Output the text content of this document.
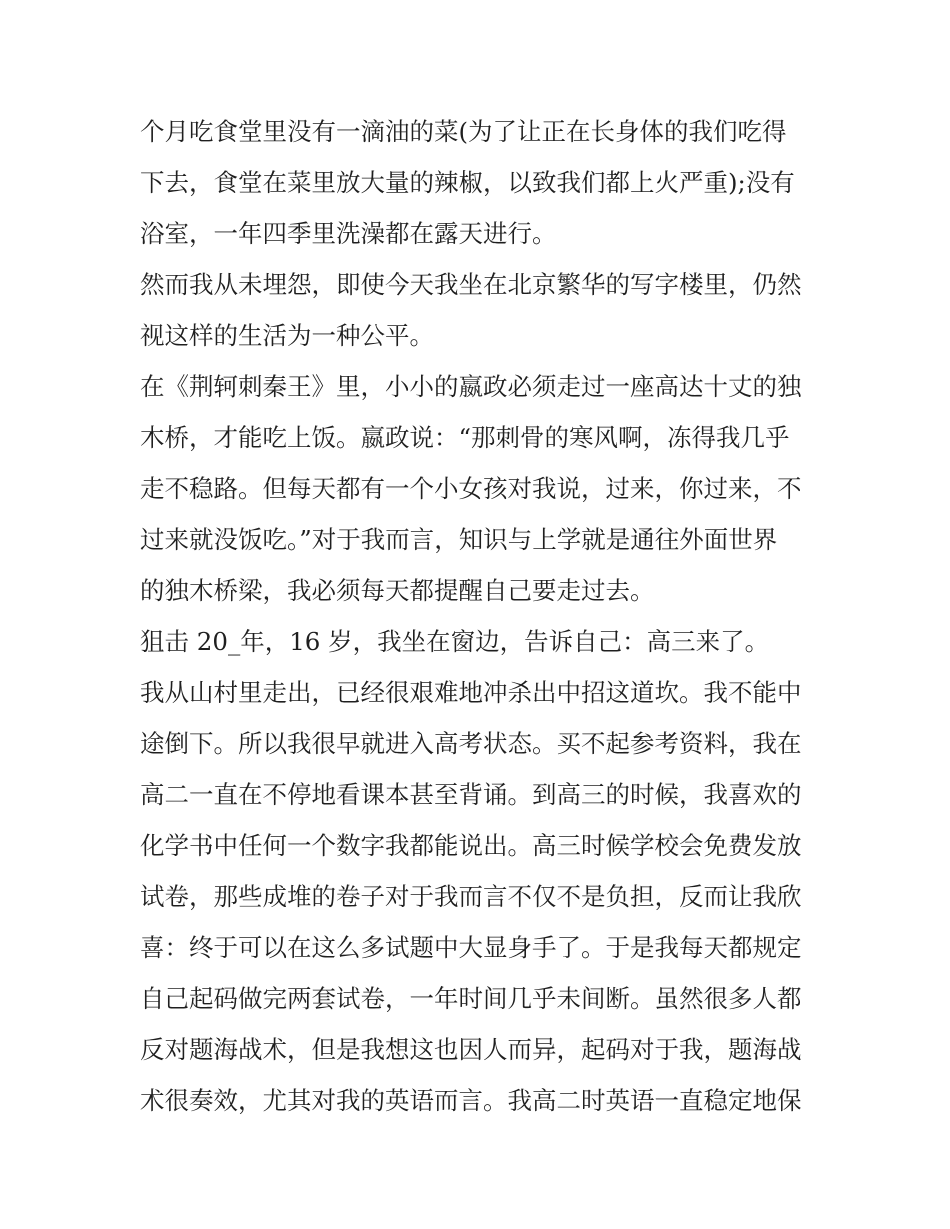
个月吃食堂里没有一滴油的菜(为了让正在长身体的我们吃得
下去，食堂在菜里放大量的辣椒，以致我们都上火严重);没有
浴室，一年四季里洗澡都在露天进行。
然而我从未埋怨，即使今天我坐在北京繁华的写字楼里，仍然
视这样的生活为一种公平。
在《荆轲刺秦王》里，小小的嬴政必须走过一座高达十丈的独
木桥，才能吃上饭。嬴政说：“那刺骨的寒风啊，冻得我几乎
走不稳路。但每天都有一个小女孩对我说，过来，你过来，不
过来就没饭吃。”对于我而言，知识与上学就是通往外面世界
的独木桥梁，我必须每天都提醒自己要走过去。
狙击 20_年，16 岁，我坐在窗边，告诉自己：高三来了。
我从山村里走出，已经很艰难地冲杀出中招这道坎。我不能中
途倒下。所以我很早就进入高考状态。买不起参考资料，我在
高二一直在不停地看课本甚至背诵。到高三的时候，我喜欢的
化学书中任何一个数字我都能说出。高三时候学校会免费发放
试卷，那些成堆的卷子对于我而言不仅不是负担，反而让我欣
喜：终于可以在这么多试题中大显身手了。于是我每天都规定
自己起码做完两套试卷，一年时间几乎未间断。虽然很多人都
反对题海战术，但是我想这也因人而异，起码对于我，题海战
术很奏效，尤其对我的英语而言。我高二时英语一直稳定地保
